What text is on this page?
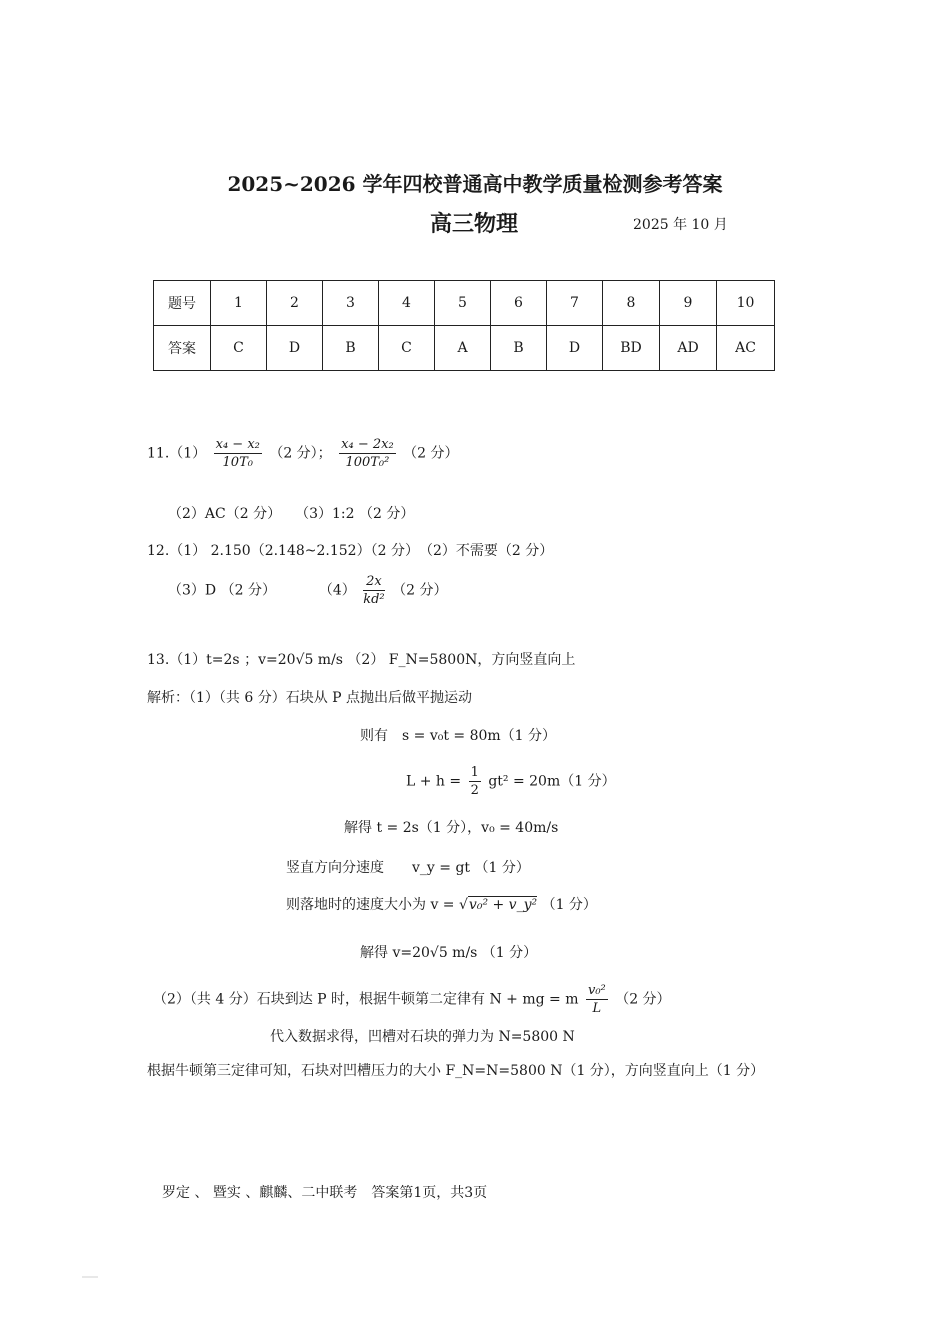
2025~2026 学年四校普通高中教学质量检测参考答案
高三物理	2025 年 10 月
题号	1	2	3	4	5	6	7	8	9	10
答案	C	D	B	C	A	B	D	BD	AD	AC
$11.(1) \frac{\text{x₄ − x₂}}{\text{10T₀}} (2$ 分）； $\frac{\text{x₄ − 2x₂}}{\text{100T₀²}} (2$ 分）
（2）AC（2 分）　　（3）1:2 （2 分）
12.（1） 2.150（2.148~2.152）（2 分）　（2）不需要（2 分）
（3）D （2 分）	$(4) \frac{2x}{\text{kd²}} (2$ 分）
13.（1）t=2s ；v=20√5 m/s （2） F_N=5800N，方向竖直向上
解析：（1）（共 6 分）石块从 P 点抛出后做平抛运动
则有　s = v₀t = 80m（1 分）
$L + h = \frac{1}{2} gt^2 = 20m(1$ 分）
解得 t = 2s（1 分），v₀ = 40m/s
竖直方向分速度　　v_y = gt （1 分）
则落地时的速度大小为 v = √v₀² + v_y² （1 分）
解得 v=20√5 m/s （1 分）
（2）（共 4 分）石块到达 P 时，根据牛顿第二定律有 N + mg = m $\frac{\text{v₀²}}{L} (2$ 分）
代入数据求得，凹槽对石块的弹力为 N=5800 N
根据牛顿第三定律可知，石块对凹槽压力的大小 F_N=N=5800 N（1 分），方向竖直向上（1 分）
罗定 、 暨实 、麒麟、二中联考　答案第1页，共3页
